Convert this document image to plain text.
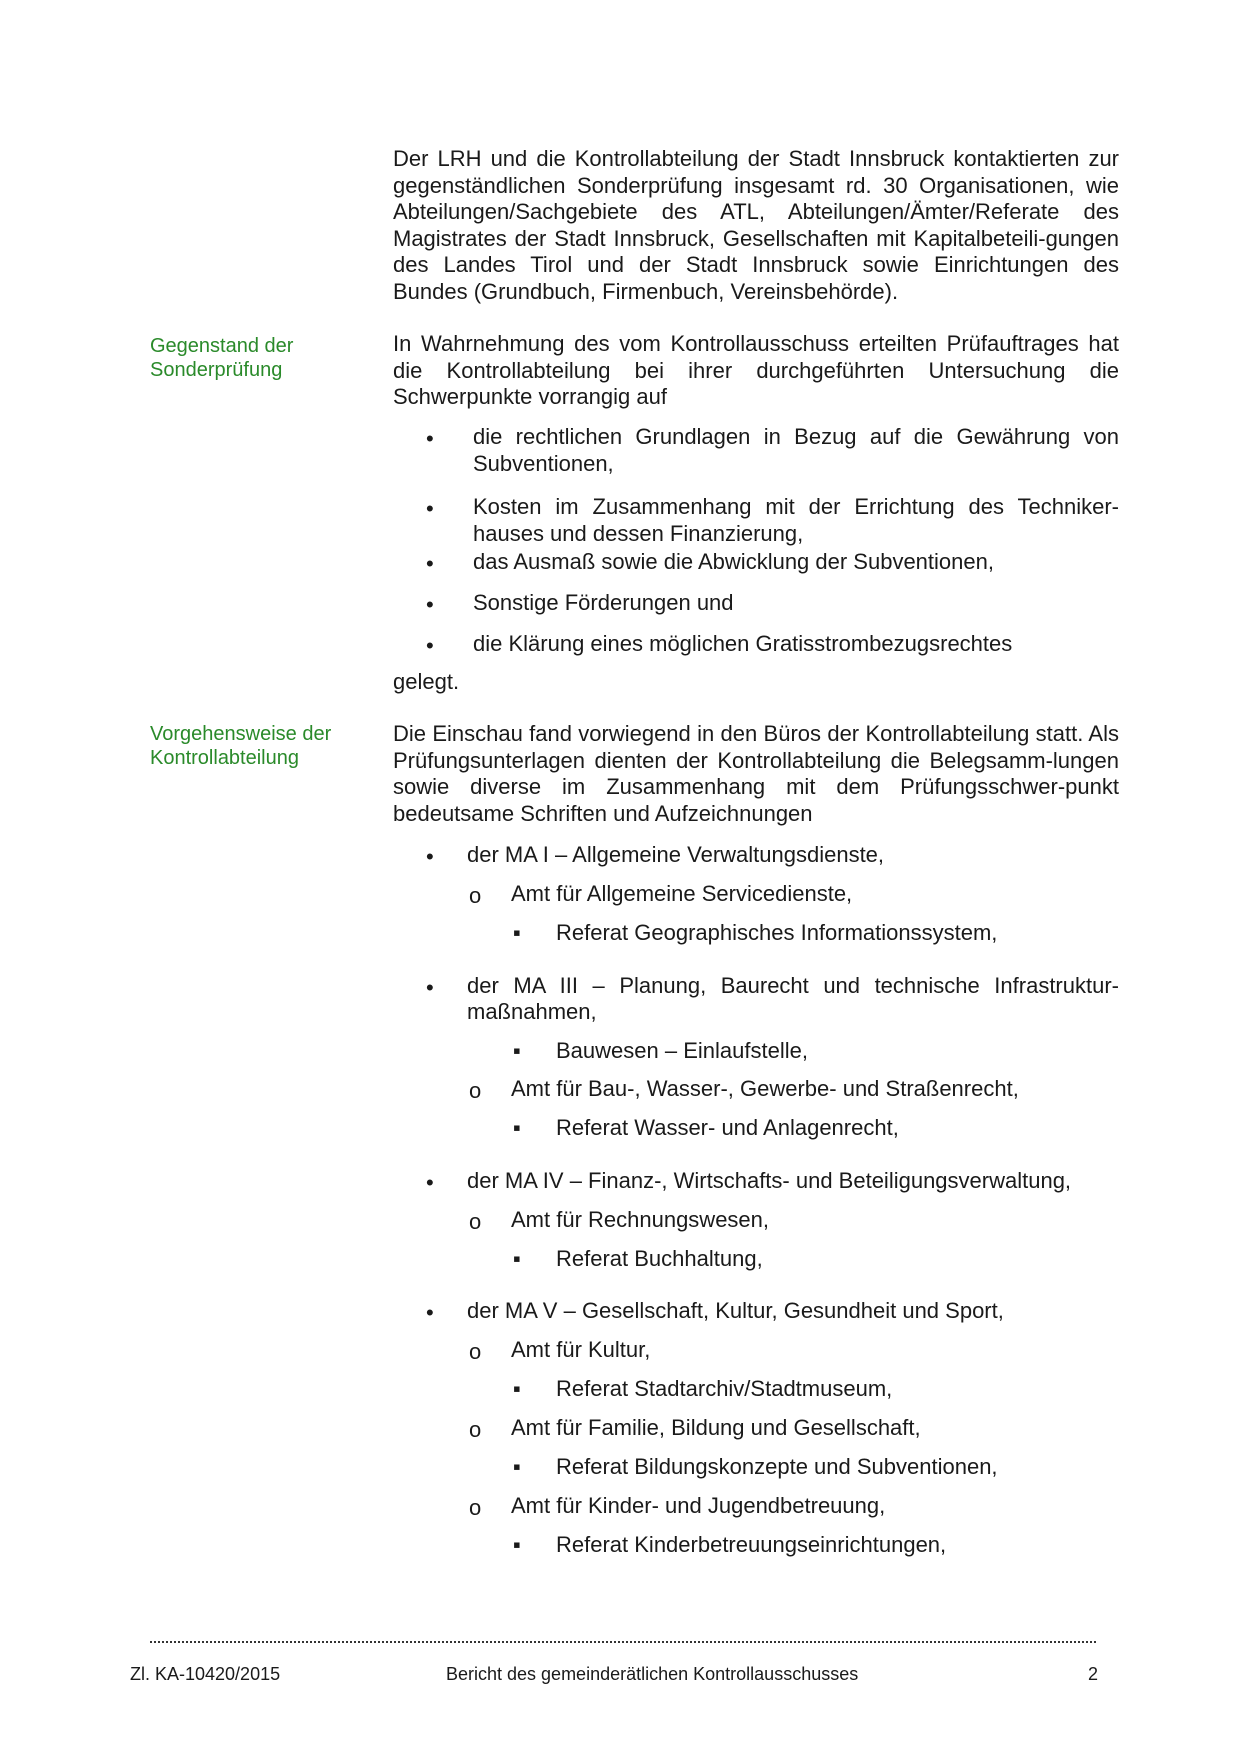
Der LRH und die Kontrollabteilung der Stadt Innsbruck kontaktierten zur gegenständlichen Sonderprüfung insgesamt rd. 30 Organisationen, wie Abteilungen/Sachgebiete des ATL, Abteilungen/Ämter/Referate des Magistrates der Stadt Innsbruck, Gesellschaften mit Kapitalbeteili-gungen des Landes Tirol und der Stadt Innsbruck sowie Einrichtungen des Bundes (Grundbuch, Firmenbuch, Vereinsbehörde).
Gegenstand der
Sonderprüfung
In Wahrnehmung des vom Kontrollausschuss erteilten Prüfauftrages hat die Kontrollabteilung bei ihrer durchgeführten Untersuchung die Schwerpunkte vorrangig auf
• die rechtlichen Grundlagen in Bezug auf die Gewährung von Subventionen,
• Kosten im Zusammenhang mit der Errichtung des Techniker-hauses und dessen Finanzierung,
• das Ausmaß sowie die Abwicklung der Subventionen,
• Sonstige Förderungen und
• die Klärung eines möglichen Gratisstrombezugsrechtes
gelegt.
Vorgehensweise der
Kontrollabteilung
Die Einschau fand vorwiegend in den Büros der Kontrollabteilung statt. Als Prüfungsunterlagen dienten der Kontrollabteilung die Belegsamm-lungen sowie diverse im Zusammenhang mit dem Prüfungsschwer-punkt bedeutsame Schriften und Aufzeichnungen
• der MA I – Allgemeine Verwaltungsdienste,
o Amt für Allgemeine Servicedienste,
▪ Referat Geographisches Informationssystem,
• der MA III – Planung, Baurecht und technische Infrastruktur-
maßnahmen,
▪ Bauwesen – Einlaufstelle,
o Amt für Bau-, Wasser-, Gewerbe- und Straßenrecht,
▪ Referat Wasser- und Anlagenrecht,
• der MA IV – Finanz-, Wirtschafts- und Beteiligungsverwaltung,
o Amt für Rechnungswesen,
▪ Referat Buchhaltung,
• der MA V – Gesellschaft, Kultur, Gesundheit und Sport,
o Amt für Kultur,
▪ Referat Stadtarchiv/Stadtmuseum,
o Amt für Familie, Bildung und Gesellschaft,
▪ Referat Bildungskonzepte und Subventionen,
o Amt für Kinder- und Jugendbetreuung,
▪ Referat Kinderbetreuungseinrichtungen,
Zl. KA-10420/2015	Bericht des gemeinderätlichen Kontrollausschusses	2
